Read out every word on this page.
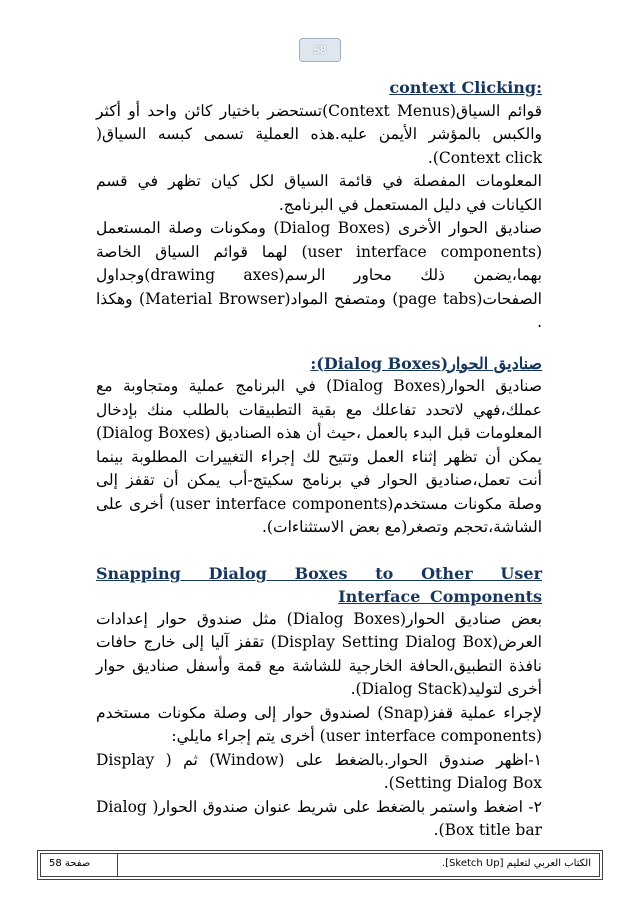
58

:context Clicking

قوائم السياق(Context Menus)تستحضر باختيار كائن واحد أو أكثر والكبس بالمؤشر الأيمن عليه.هذه العملية تسمى كبسه السياق( Context click).

المعلومات المفصلة في قائمة السياق لكل كيان تظهر في قسم الكيانات في دليل المستعمل في البرنامج.

صناديق الحوار الأخرى (Dialog Boxes) ومكونات وصلة المستعمل (user interface components) لهما قوائم السياق الخاصة بهما،يضمن ذلك محاور الرسم(drawing axes)وجداول الصفحات(page tabs) ومتصفح المواد(Material Browser) وهكذا .

صناديق الحوار(Dialog Boxes):

صناديق الحوار(Dialog Boxes) في البرنامج عملية ومتجاوبة مع عملك،فهي لاتحدد تفاعلك مع بقية التطبيقات بالطلب منك بإدخال المعلومات قبل البدء بالعمل ،حيث أن هذه الصناديق (Dialog Boxes) يمكن أن تظهر إثناء العمل وتتيح لك إجراء التغييرات المطلوبة بينما أنت تعمل،صناديق الحوار في برنامج سكيتج-أب يمكن أن تقفز إلى وصلة مكونات مستخدم(user interface components) أخرى على الشاشة،تحجم وتصغر(مع بعض الاستثناءات).

Snapping Dialog Boxes to Other User Interface Components

بعض صناديق الحوار(Dialog Boxes) مثل صندوق حوار إعدادات العرض(Display Setting Dialog Box) تقفز آليا إلى خارج حافات نافذة التطبيق،الحافة الخارجية للشاشة مع قمة وأسفل صناديق حوار أخرى لتوليد(Dialog Stack).

لإجراء عملية قفز(Snap) لصندوق حوار إلى وصلة مكونات مستخدم (user interface components) أخرى يتم إجراء مايلي:

١-اظهر صندوق الحوار.بالضغط على (Window) ثم ( Display Setting Dialog Box).

٢- اضغط واستمر بالضغط على شريط عنوان صندوق الحوار( Dialog Box title bar).

الكتاب العربي لتعليم [Sketch Up].
صفحة 58
